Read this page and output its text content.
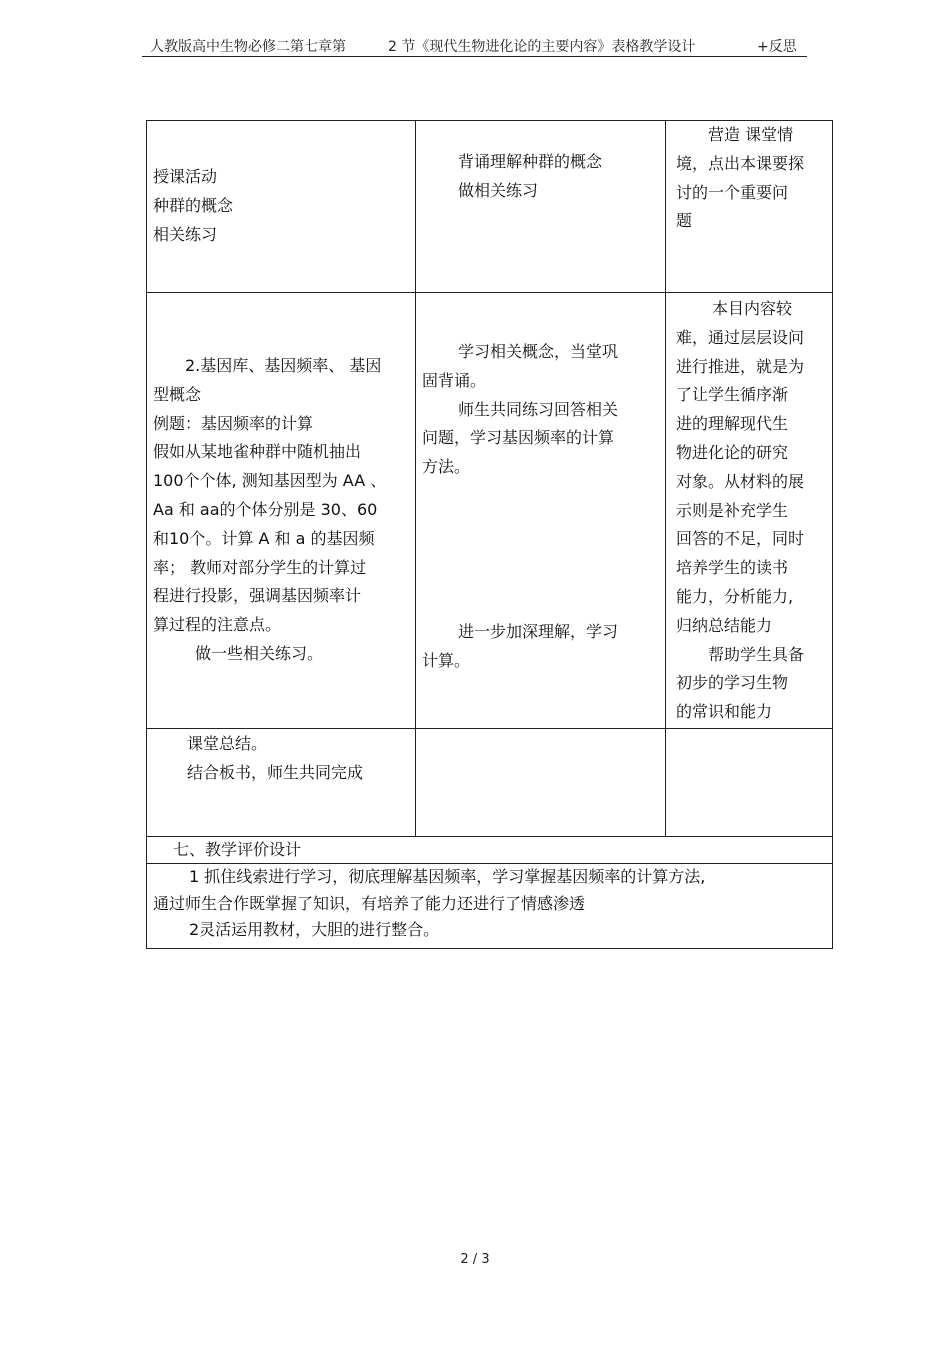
人教版高中生物必修二第七章第	2 节《现代生物进化论的主要内容》表格教学设计	+反思
授课活动
种群的概念
相关练习
背诵理解种群的概念
做相关练习
营造 课堂情
境，点出本课要探
讨的一个重要问
题
2.基因库、基因频率、 基因
型概念
例题：基因频率的计算
假如从某地雀种群中随机抽出
100个个体, 测知基因型为 AA 、
Aa 和 aa的个体分别是 30、60
和10个。计算 A 和 a 的基因频
率； 教师对部分学生的计算过
程进行投影，强调基因频率计
算过程的注意点。
做一些相关练习。
学习相关概念，当堂巩
固背诵。
师生共同练习回答相关
问题，学习基因频率的计算
方法。
进一步加深理解，学习
计算。
本目内容较
难，通过层层设问
进行推进，就是为
了让学生循序渐
进的理解现代生
物进化论的研究
对象。从材料的展
示则是补充学生
回答的不足，同时
培养学生的读书
能力，分析能力,
归纳总结能力
帮助学生具备
初步的学习生物
的常识和能力
课堂总结。
结合板书，师生共同完成
七、教学评价设计
1 抓住线索进行学习，彻底理解基因频率，学习掌握基因频率的计算方法,
通过师生合作既掌握了知识，有培养了能力还进行了情感渗透
2灵活运用教材，大胆的进行整合。
2 / 3
